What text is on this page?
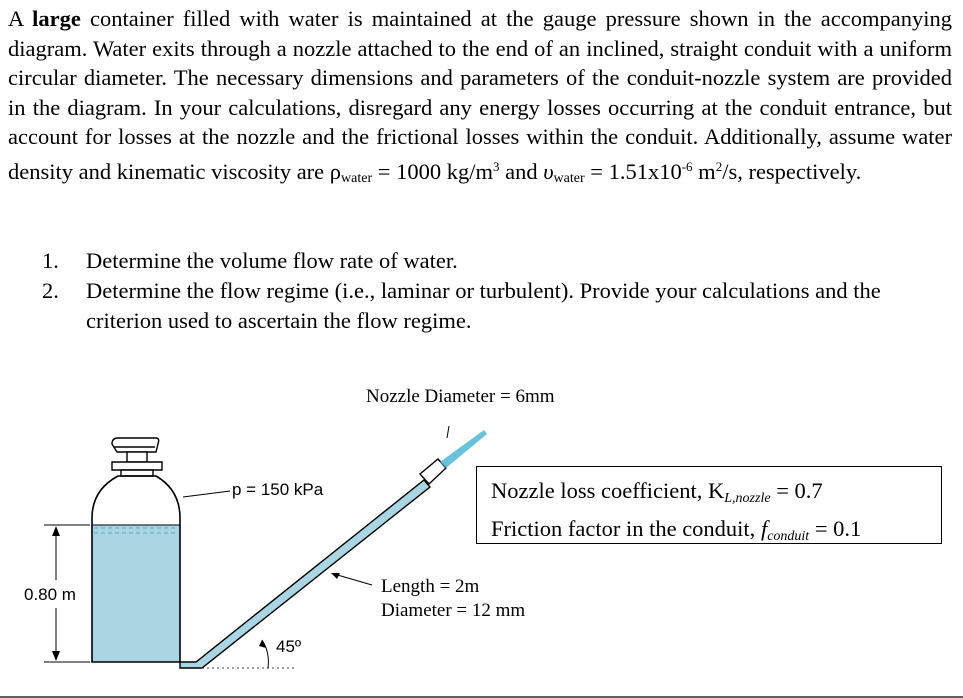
A large container filled with water is maintained at the gauge pressure shown in the accompanying diagram. Water exits through a nozzle attached to the end of an inclined, straight conduit with a uniform circular diameter. The necessary dimensions and parameters of the conduit-nozzle system are provided in the diagram. In your calculations, disregard any energy losses occurring at the conduit entrance, but account for losses at the nozzle and the frictional losses within the conduit. Additionally, assume water density and kinematic viscosity are $\rho_{water} = 1000$ $kg/m^3$ and $\upsilon_{water} = 1.51x10^{-6}$ $m^2/s$, respectively.

1. Determine the volume flow rate of water.
2. Determine the flow regime (i.e., laminar or turbulent). Provide your calculations and the criterion used to ascertain the flow regime.
Nozzle Diameter = 6mm
p = 150 kPa
0.80 m
45º
Length = 2m
Diameter = 12 mm
Nozzle loss coefficient, KL,nozzle = 0.7
Friction factor in the conduit, fconduit = 0.1
